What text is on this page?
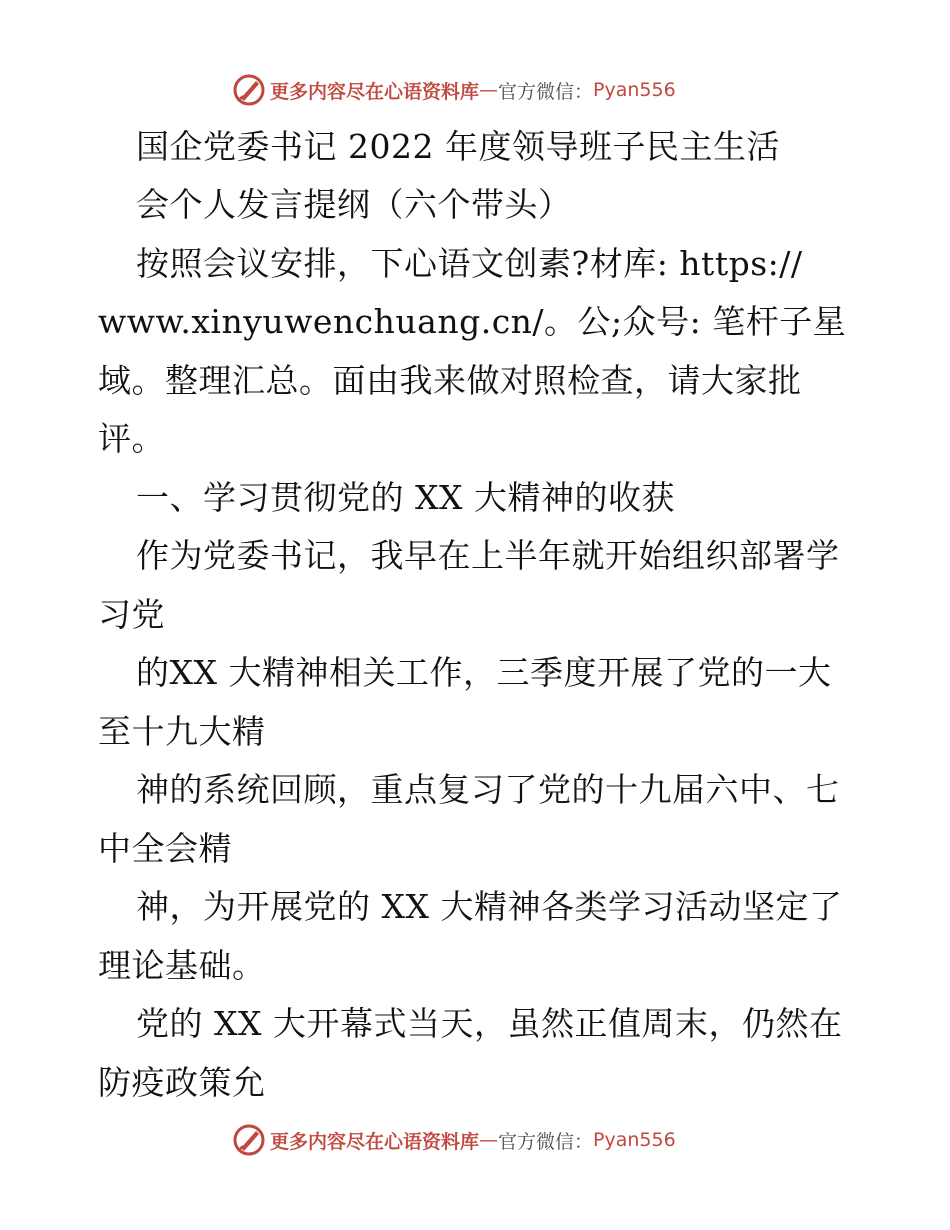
更多内容尽在心语资料库 — 官方微信： Pyan556
国企党委书记 2022 年度领导班子民主生活
会个人发言提纲（六个带头）
按照会议安排，下心语文创素?材库: https://
www.xinyuwenchuang.cn/。公;众号: 笔杆子星
域。整理汇总。面由我来做对照检查，请大家批
评。
一、学习贯彻党的 XX 大精神的收获
作为党委书记，我早在上半年就开始组织部署学
习党
的XX 大精神相关工作，三季度开展了党的一大
至十九大精
神的系统回顾，重点复习了党的十九届六中、七
中全会精
神，为开展党的 XX 大精神各类学习活动坚定了
理论基础。
党的 XX 大开幕式当天，虽然正值周末，仍然在
防疫政策允
更多内容尽在心语资料库 — 官方微信： Pyan556
